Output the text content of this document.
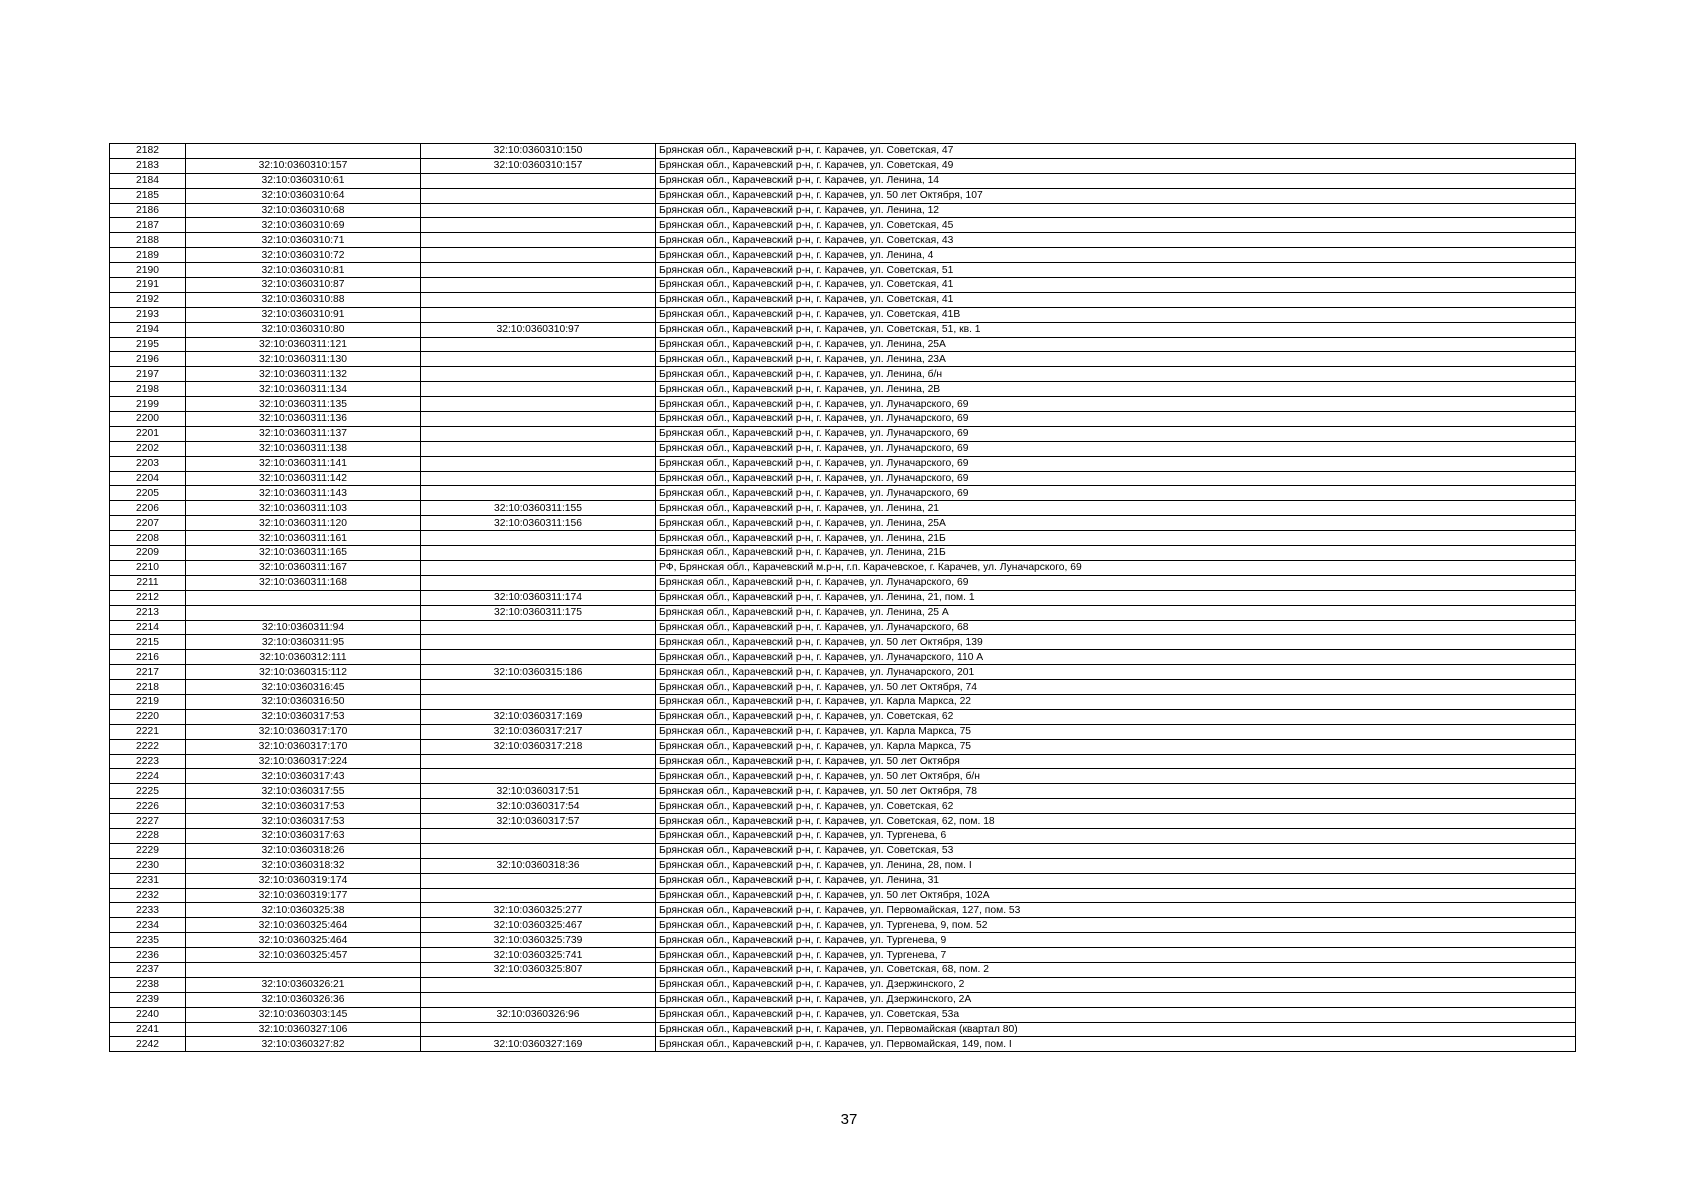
2182		32:10:0360310:150	Брянская обл., Карачевский р-н, г. Карачев, ул. Советская, 47
2183	32:10:0360310:157	32:10:0360310:157	Брянская обл., Карачевский р-н, г. Карачев, ул. Советская, 49
2184	32:10:0360310:61		Брянская обл., Карачевский р-н, г. Карачев, ул. Ленина, 14
2185	32:10:0360310:64		Брянская обл., Карачевский р-н, г. Карачев, ул. 50 лет Октября, 107
2186	32:10:0360310:68		Брянская обл., Карачевский р-н, г. Карачев, ул. Ленина, 12
2187	32:10:0360310:69		Брянская обл., Карачевский р-н, г. Карачев, ул. Советская, 45
2188	32:10:0360310:71		Брянская обл., Карачевский р-н, г. Карачев, ул. Советская, 43
2189	32:10:0360310:72		Брянская обл., Карачевский р-н, г. Карачев, ул. Ленина, 4
2190	32:10:0360310:81		Брянская обл., Карачевский р-н, г. Карачев, ул. Советская, 51
2191	32:10:0360310:87		Брянская обл., Карачевский р-н, г. Карачев, ул. Советская, 41
2192	32:10:0360310:88		Брянская обл., Карачевский р-н, г. Карачев, ул. Советская, 41
2193	32:10:0360310:91		Брянская обл., Карачевский р-н, г. Карачев, ул. Советская, 41В
2194	32:10:0360310:80	32:10:0360310:97	Брянская обл., Карачевский р-н, г. Карачев, ул. Советская, 51, кв. 1
2195	32:10:0360311:121		Брянская обл., Карачевский р-н, г. Карачев, ул. Ленина, 25А
2196	32:10:0360311:130		Брянская обл., Карачевский р-н, г. Карачев, ул. Ленина, 23А
2197	32:10:0360311:132		Брянская обл., Карачевский р-н, г. Карачев, ул. Ленина, б/н
2198	32:10:0360311:134		Брянская обл., Карачевский р-н, г. Карачев, ул. Ленина, 2В
2199	32:10:0360311:135		Брянская обл., Карачевский р-н, г. Карачев, ул. Луначарского, 69
2200	32:10:0360311:136		Брянская обл., Карачевский р-н, г. Карачев, ул. Луначарского, 69
2201	32:10:0360311:137		Брянская обл., Карачевский р-н, г. Карачев, ул. Луначарского, 69
2202	32:10:0360311:138		Брянская обл., Карачевский р-н, г. Карачев, ул. Луначарского, 69
2203	32:10:0360311:141		Брянская обл., Карачевский р-н, г. Карачев, ул. Луначарского, 69
2204	32:10:0360311:142		Брянская обл., Карачевский р-н, г. Карачев, ул. Луначарского, 69
2205	32:10:0360311:143		Брянская обл., Карачевский р-н, г. Карачев, ул. Луначарского, 69
2206	32:10:0360311:103	32:10:0360311:155	Брянская обл., Карачевский р-н, г. Карачев, ул. Ленина, 21
2207	32:10:0360311:120	32:10:0360311:156	Брянская обл., Карачевский р-н, г. Карачев, ул. Ленина, 25А
2208	32:10:0360311:161		Брянская обл., Карачевский р-н, г. Карачев, ул. Ленина, 21Б
2209	32:10:0360311:165		Брянская обл., Карачевский р-н, г. Карачев, ул. Ленина, 21Б
2210	32:10:0360311:167		РФ, Брянская обл., Карачевский м.р-н, г.п. Карачевское, г. Карачев, ул. Луначарского, 69
2211	32:10:0360311:168		Брянская обл., Карачевский р-н, г. Карачев, ул. Луначарского, 69
2212		32:10:0360311:174	Брянская обл., Карачевский р-н, г. Карачев, ул. Ленина, 21, пом. 1
2213		32:10:0360311:175	Брянская обл., Карачевский р-н, г. Карачев, ул. Ленина, 25 А
2214	32:10:0360311:94		Брянская обл., Карачевский р-н, г. Карачев, ул. Луначарского, 68
2215	32:10:0360311:95		Брянская обл., Карачевский р-н, г. Карачев, ул. 50 лет Октября, 139
2216	32:10:0360312:111		Брянская обл., Карачевский р-н, г. Карачев, ул. Луначарского, 110 А
2217	32:10:0360315:112	32:10:0360315:186	Брянская обл., Карачевский р-н, г. Карачев, ул. Луначарского, 201
2218	32:10:0360316:45		Брянская обл., Карачевский р-н, г. Карачев, ул. 50 лет Октября, 74
2219	32:10:0360316:50		Брянская обл., Карачевский р-н, г. Карачев, ул. Карла Маркса, 22
2220	32:10:0360317:53	32:10:0360317:169	Брянская обл., Карачевский р-н, г. Карачев, ул. Советская, 62
2221	32:10:0360317:170	32:10:0360317:217	Брянская обл., Карачевский р-н, г. Карачев, ул. Карла Маркса, 75
2222	32:10:0360317:170	32:10:0360317:218	Брянская обл., Карачевский р-н, г. Карачев, ул. Карла Маркса, 75
2223	32:10:0360317:224		Брянская обл., Карачевский р-н, г. Карачев, ул. 50 лет Октября
2224	32:10:0360317:43		Брянская обл., Карачевский р-н, г. Карачев, ул. 50 лет Октября, б/н
2225	32:10:0360317:55	32:10:0360317:51	Брянская обл., Карачевский р-н, г. Карачев, ул. 50 лет Октября, 78
2226	32:10:0360317:53	32:10:0360317:54	Брянская обл., Карачевский р-н, г. Карачев, ул. Советская, 62
2227	32:10:0360317:53	32:10:0360317:57	Брянская обл., Карачевский р-н, г. Карачев, ул. Советская, 62, пом. 18
2228	32:10:0360317:63		Брянская обл., Карачевский р-н, г. Карачев, ул. Тургенева, 6
2229	32:10:0360318:26		Брянская обл., Карачевский р-н, г. Карачев, ул. Советская, 53
2230	32:10:0360318:32	32:10:0360318:36	Брянская обл., Карачевский р-н, г. Карачев, ул. Ленина, 28, пом. I
2231	32:10:0360319:174		Брянская обл., Карачевский р-н, г. Карачев, ул. Ленина, 31
2232	32:10:0360319:177		Брянская обл., Карачевский р-н, г. Карачев, ул. 50 лет Октября, 102А
2233	32:10:0360325:38	32:10:0360325:277	Брянская обл., Карачевский р-н, г. Карачев, ул. Первомайская, 127, пом. 53
2234	32:10:0360325:464	32:10:0360325:467	Брянская обл., Карачевский р-н, г. Карачев, ул. Тургенева, 9, пом. 52
2235	32:10:0360325:464	32:10:0360325:739	Брянская обл., Карачевский р-н, г. Карачев, ул. Тургенева, 9
2236	32:10:0360325:457	32:10:0360325:741	Брянская обл., Карачевский р-н, г. Карачев, ул. Тургенева, 7
2237		32:10:0360325:807	Брянская обл., Карачевский р-н, г. Карачев, ул. Советская, 68, пом. 2
2238	32:10:0360326:21		Брянская обл., Карачевский р-н, г. Карачев, ул. Дзержинского, 2
2239	32:10:0360326:36		Брянская обл., Карачевский р-н, г. Карачев, ул. Дзержинского, 2А
2240	32:10:0360303:145	32:10:0360326:96	Брянская обл., Карачевский р-н, г. Карачев, ул. Советская, 53а
2241	32:10:0360327:106		Брянская обл., Карачевский р-н, г. Карачев, ул. Первомайская (квартал 80)
2242	32:10:0360327:82	32:10:0360327:169	Брянская обл., Карачевский р-н, г. Карачев, ул. Первомайская, 149, пом. I
37
